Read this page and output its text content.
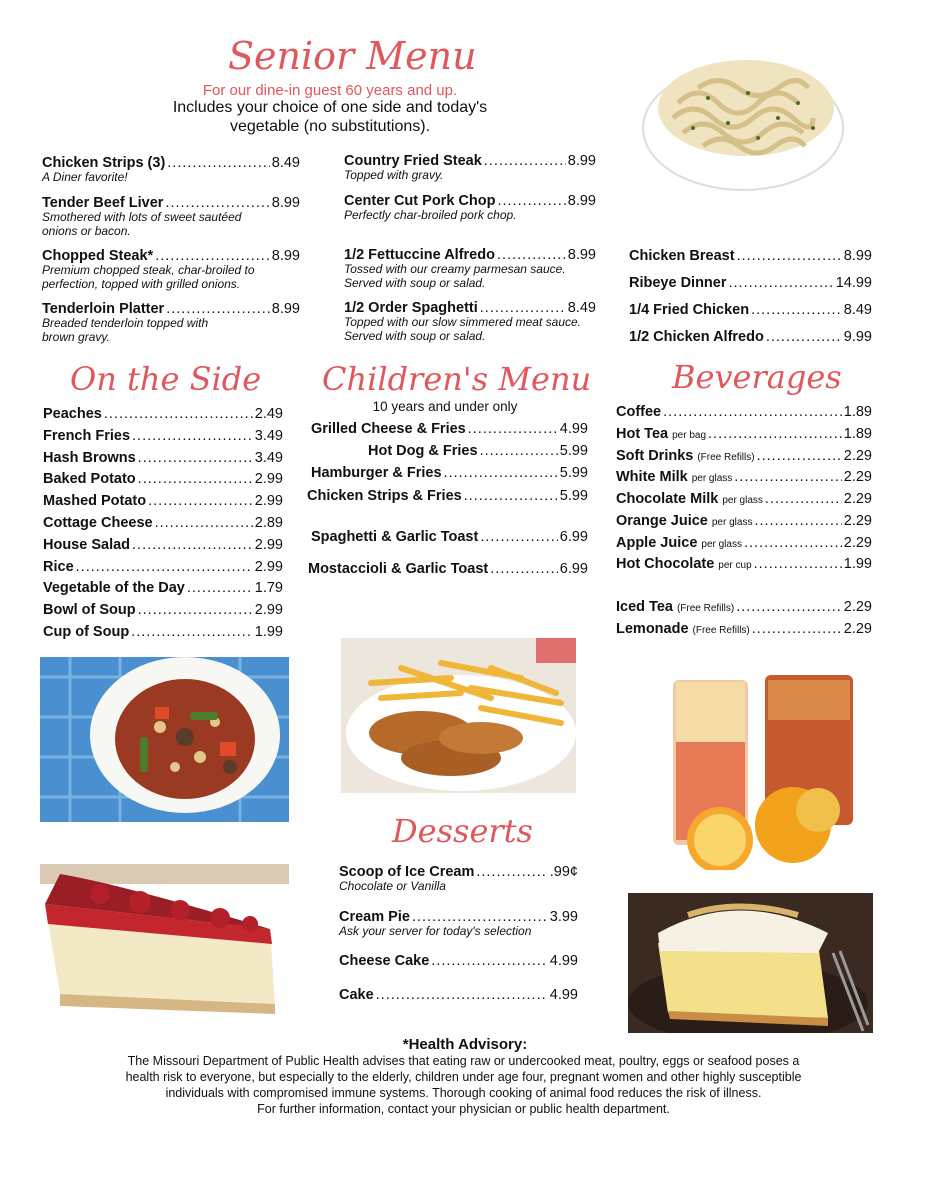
Senior Menu
For our dine-in guest 60 years and up.
Includes your choice of one side and today's
vegetable (no substitutions).
Chicken Strips (3) .....	8.49
A Diner favorite!
Tender Beef Liver .....	8.99
Smothered with lots of sweet sautéed onions or bacon.
Chopped Steak* .....	8.99
Premium chopped steak, char-broiled to perfection, topped with grilled onions.
Tenderloin Platter .....	8.99
Breaded tenderloin topped with brown gravy.
Country Fried Steak .....	8.99
Topped with gravy.
Center Cut Pork Chop .....	8.99
Perfectly char-broiled pork chop.
1/2 Fettuccine Alfredo .....	8.99
Tossed with our creamy parmesan sauce. Served with soup or salad.
1/2 Order Spaghetti .....	8.49
Topped with our slow simmered meat sauce. Served with soup or salad.
Chicken Breast .....	8.99
Ribeye Dinner .....	14.99
1/4 Fried Chicken .....	8.49
1/2 Chicken Alfredo .....	9.99
On the Side Children's Menu	Beverages
Peaches .....	2.49
French Fries .....	3.49
Hash Browns .....	3.49
Baked Potato .....	2.99
Mashed Potato .....	2.99
Cottage Cheese .....	2.89
House Salad .....	2.99
Rice .....	2.99
Vegetable of the Day .....	1.79
Bowl of Soup .....	2.99
Cup of Soup .....	1.99
10 years and under only
Grilled Cheese & Fries .....	4.99
Hot Dog & Fries .....	5.99
Hamburger & Fries .....	5.99
Chicken Strips & Fries .....	5.99
Spaghetti & Garlic Toast .....	6.99
Mostaccioli & Garlic Toast .....	6.99
Coffee .....	1.89
Hot Tea per bag .....	1.89
Soft Drinks (Free Refills) .....	2.29
White Milk per glass .....	2.29
Chocolate Milk per glass .....	2.29
Orange Juice per glass .....	2.29
Apple Juice per glass .....	2.29
Hot Chocolate per cup .....	1.99
Iced Tea (Free Refills) .....	2.29
Lemonade (Free Refills) .....	2.29
Desserts
Scoop of Ice Cream .....	.99¢
Chocolate or Vanilla
Cream Pie .....	3.99
Ask your server for today's selection
Cheese Cake .....	4.99
Cake .....	4.99
*Health Advisory:
The Missouri Department of Public Health advises that eating raw or undercooked meat, poultry, eggs or seafood poses a
health risk to everyone, but especially to the elderly, children under age four, pregnant women and other highly susceptible
individuals with compromised immune systems. Thorough cooking of animal food reduces the risk of illness.
For further information, contact your physician or public health department.
